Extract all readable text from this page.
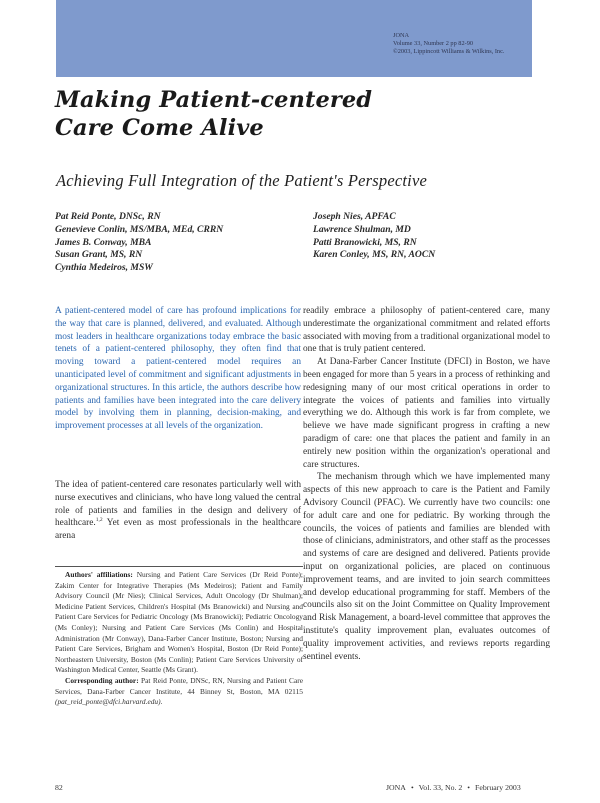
JONA
Volume 33, Number 2 pp 82-90
©2003, Lippincott Williams & Wilkins, Inc.
Making Patient-centered
Care Come Alive
Achieving Full Integration of the Patient's Perspective
Pat Reid Ponte, DNSc, RN
Genevieve Conlin, MS/MBA, MEd, CRRN
James B. Conway, MBA
Susan Grant, MS, RN
Cynthia Medeiros, MSW
Joseph Nies, APFAC
Lawrence Shulman, MD
Patti Branowicki, MS, RN
Karen Conley, MS, RN, AOCN

A patient-centered model of care has profound implications for the way that care is planned, delivered, and evaluated. Although most leaders in healthcare organizations today embrace the basic tenets of a patient-centered philosophy, they often find that moving toward a patient-centered model requires an unanticipated level of commitment and significant adjustments in organizational structures. In this article, the authors describe how patients and families have been integrated into the care delivery model by involving them in planning, decision-making, and improvement processes at all levels of the organization.

The idea of patient-centered care resonates particularly well with nurse executives and clinicians, who have long valued the central role of patients and families in the design and delivery of healthcare.$^{1,2}$ Yet even as most professionals in the healthcare arena

Authors' affiliations: Nursing and Patient Care Services (Dr Reid Ponte); Zakim Center for Integrative Therapies (Ms Medeiros); Patient and Family Advisory Council (Mr Nies); Clinical Services, Adult Oncology (Dr Shulman); Medicine Patient Services, Children's Hospital (Ms Branowicki) and Nursing and Patient Care Services for Pediatric Oncology (Ms Branowicki); Pediatric Oncology (Ms Conley); Nursing and Patient Care Services (Ms Conlin) and Hospital Administration (Mr Conway), Dana-Farber Cancer Institute, Boston; Nursing and Patient Care Services, Brigham and Women's Hospital, Boston (Dr Reid Ponte); Northeastern University, Boston (Ms Conlin); Patient Care Services University of Washington Medical Center, Seattle (Ms Grant).

Corresponding author: Pat Reid Ponte, DNSc, RN, Nursing and Patient Care Services, Dana-Farber Cancer Institute, 44 Binney St, Boston, MA 02115 (pat_reid_ponte@dfci.harvard.edu).

readily embrace a philosophy of patient-centered care, many underestimate the organizational commitment and related efforts associated with moving from a traditional organizational model to one that is truly patient centered.

At Dana-Farber Cancer Institute (DFCI) in Boston, we have been engaged for more than 5 years in a process of rethinking and redesigning many of our most critical operations in order to integrate the voices of patients and families into virtually everything we do. Although this work is far from complete, we believe we have made significant progress in crafting a new paradigm of care: one that places the patient and family in an entirely new position within the organization's operational and care structures.

The mechanism through which we have implemented many aspects of this new approach to care is the Patient and Family Advisory Council (PFAC). We currently have two councils: one for adult care and one for pediatric. By working through the councils, the voices of patients and families are blended with those of clinicians, administrators, and other staff as the processes and systems of care are designed and delivered. Patients provide input on organizational policies, are placed on continuous improvement teams, and are invited to join search committees and develop educational programming for staff. Members of the councils also sit on the Joint Committee on Quality Improvement and Risk Management, a board-level committee that approves the institute's quality improvement plan, evaluates outcomes of quality improvement activities, and reviews reports regarding sentinel events.

82	JONA • Vol. 33, No. 2 • February 2003
